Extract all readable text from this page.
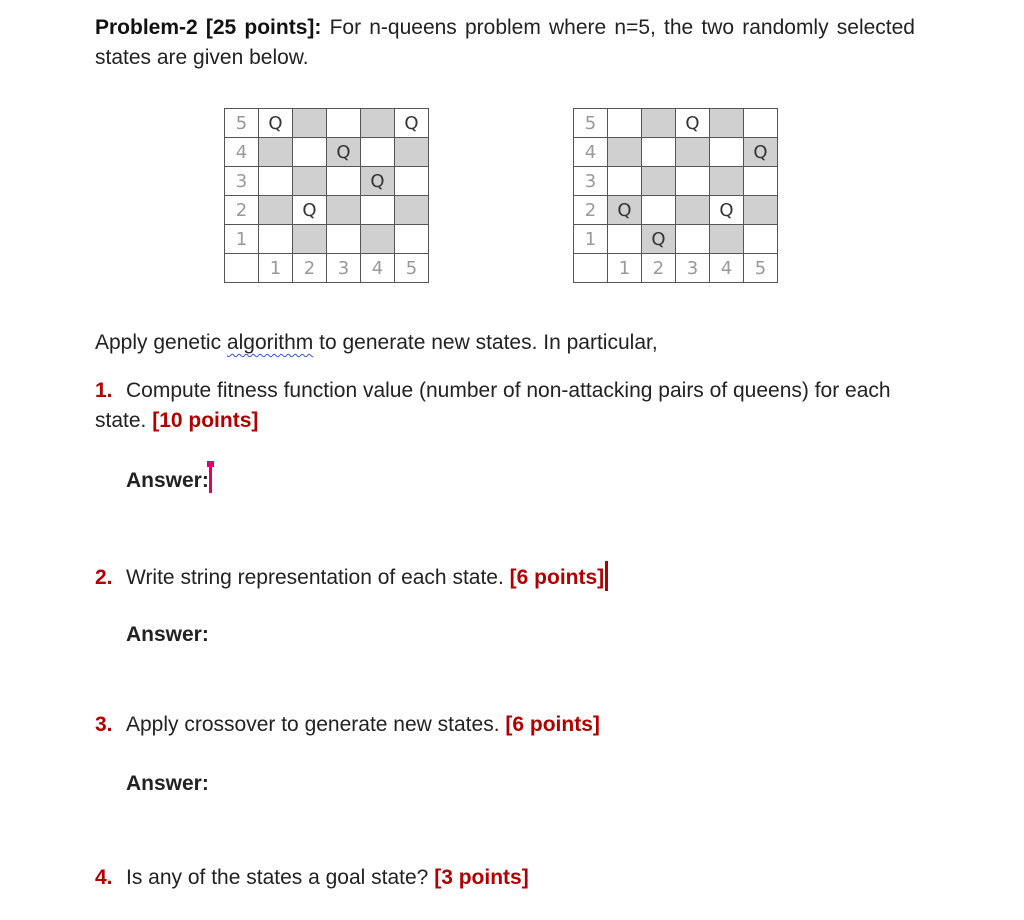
Problem-2 [25 points]: For n-queens problem where n=5, the two randomly selected states are given below.
5	Q				Q
4			Q		
3				Q	
2		Q			
1					
	1	2	3	4	5
5			Q		
4					Q
3					
2	Q			Q	
1		Q			
	1	2	3	4	5
Apply genetic algorithm to generate new states. In particular,
1. Compute fitness function value (number of non-attacking pairs of queens) for each state. [10 points]
Answer:
2. Write string representation of each state. [6 points]
Answer:
3. Apply crossover to generate new states. [6 points]
Answer:
4. Is any of the states a goal state? [3 points]
